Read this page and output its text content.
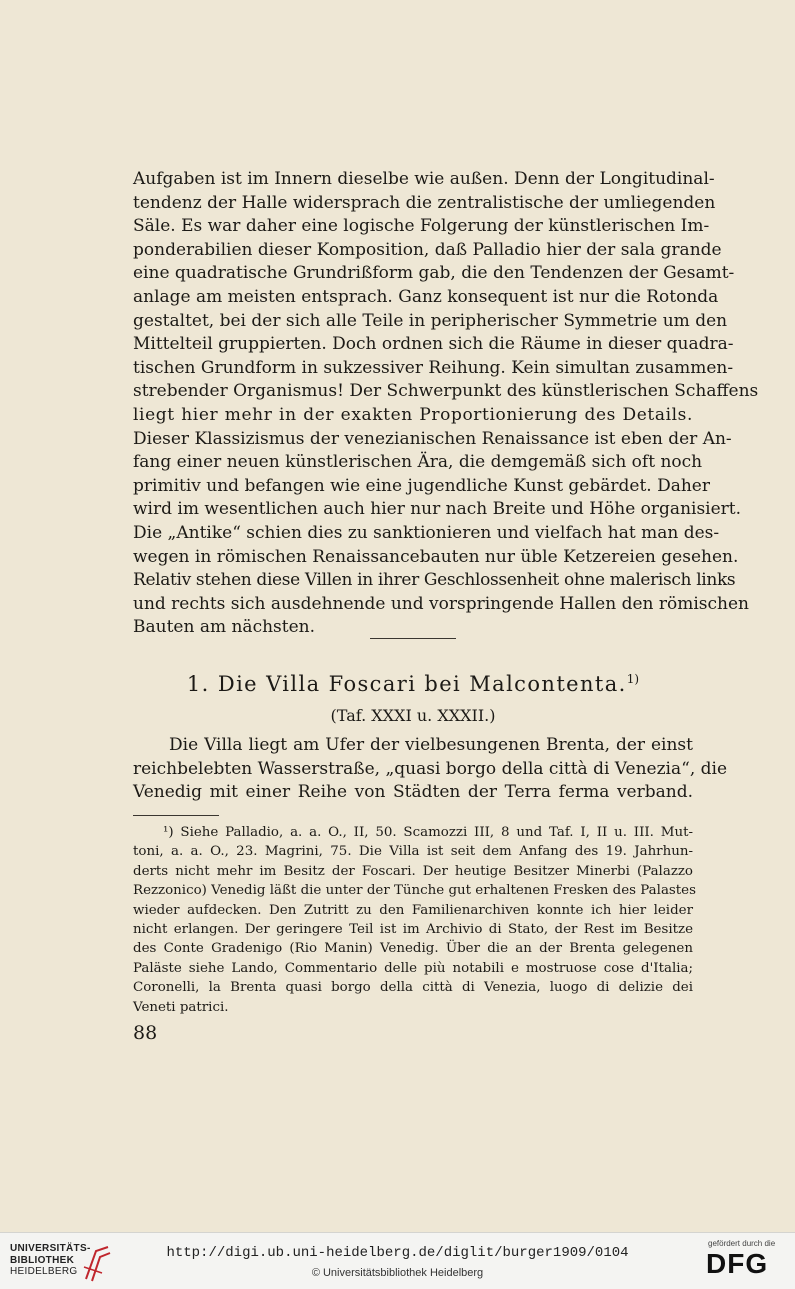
Aufgaben ist im Innern dieselbe wie außen. Denn der Longitudinal-
tendenz der Halle widersprach die zentralistische der umliegenden
Säle. Es war daher eine logische Folgerung der künstlerischen Im-
ponderabilien dieser Komposition, daß Palladio hier der sala grande
eine quadratische Grundrißform gab, die den Tendenzen der Gesamt-
anlage am meisten entsprach. Ganz konsequent ist nur die Rotonda
gestaltet, bei der sich alle Teile in peripherischer Symmetrie um den
Mittelteil gruppierten. Doch ordnen sich die Räume in dieser quadra-
tischen Grundform in sukzessiver Reihung. Kein simultan zusammen-
strebender Organismus! Der Schwerpunkt des künstlerischen Schaffens
liegt hier mehr in der exakten Proportionierung des Details.
Dieser Klassizismus der venezianischen Renaissance ist eben der An-
fang einer neuen künstlerischen Ära, die demgemäß sich oft noch
primitiv und befangen wie eine jugendliche Kunst gebärdet. Daher
wird im wesentlichen auch hier nur nach Breite und Höhe organisiert.
Die „Antike“ schien dies zu sanktionieren und vielfach hat man des-
wegen in römischen Renaissancebauten nur üble Ketzereien gesehen.
Relativ stehen diese Villen in ihrer Geschlossenheit ohne malerisch links
und rechts sich ausdehnende und vorspringende Hallen den römischen
Bauten am nächsten.
1. Die Villa Foscari bei Malcontenta.$^{1)}$
(Taf. XXXI u. XXXII.)
Die Villa liegt am Ufer der vielbesungenen Brenta, der einst
reichbelebten Wasserstraße, „quasi borgo della città di Venezia“, die
Venedig mit einer Reihe von Städten der Terra ferma verband.
¹) Siehe Palladio, a. a. O., II, 50. Scamozzi III, 8 und Taf. I, II u. III. Mut-
toni, a. a. O., 23. Magrini, 75. Die Villa ist seit dem Anfang des 19. Jahrhun-
derts nicht mehr im Besitz der Foscari. Der heutige Besitzer Minerbi (Palazzo
Rezzonico) Venedig läßt die unter der Tünche gut erhaltenen Fresken des Palastes
wieder aufdecken. Den Zutritt zu den Familienarchiven konnte ich hier leider
nicht erlangen. Der geringere Teil ist im Archivio di Stato, der Rest im Besitze
des Conte Gradenigo (Rio Manin) Venedig. Über die an der Brenta gelegenen
Paläste siehe Lando, Commentario delle più notabili e mostruose cose d'Italia;
Coronelli, la Brenta quasi borgo della città di Venezia, luogo di delizie dei
Veneti patrici.
88
UNIVERSITÄTS-
BIBLIOTHEK
HEIDELBERG
http://digi.ub.uni-heidelberg.de/diglit/burger1909/0104
© Universitätsbibliothek Heidelberg
gefördert durch die
DFG
